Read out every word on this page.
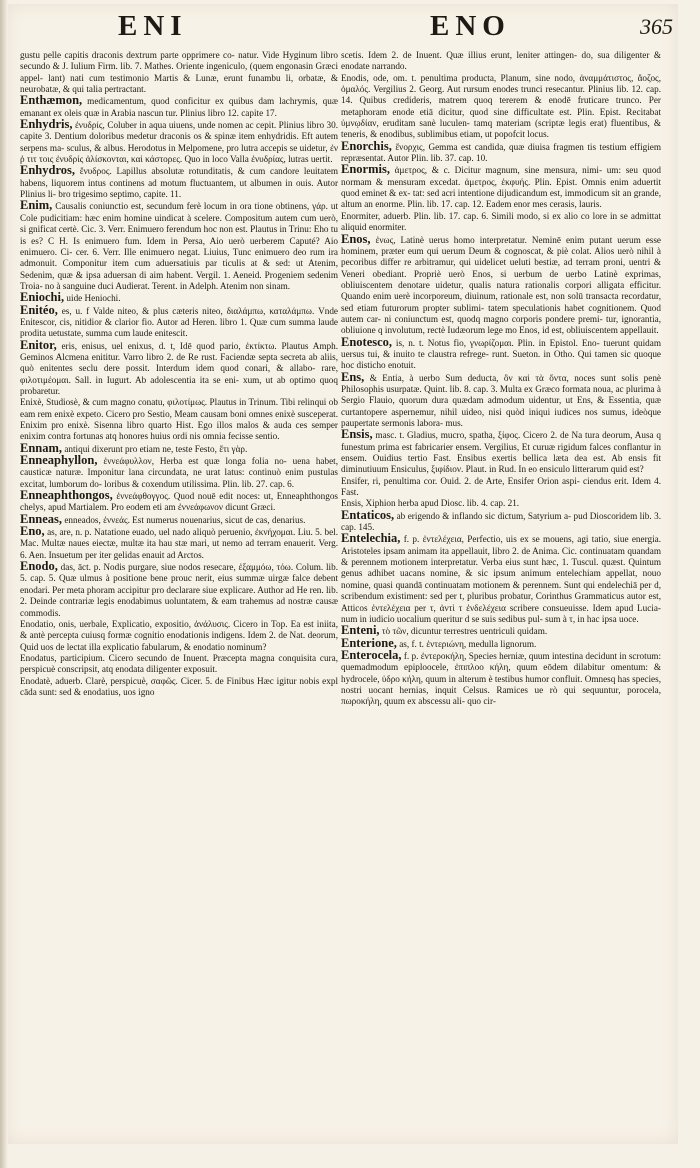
ENI	ENO	365

gustu pelle capitis draconis dextrum parte opprimere co- natur. Vide Hyginum libro secundo & J. Iulium Firm. lib. 7. Mathes. Oriente ingeniculo, (quem engonasin Græci appel- lant) nati cum testimonio Martis & Lunæ, erunt funambu li, orbatæ, & neurobatæ, & qui talia pertractant.

Enthæmon, medicamentum, quod conficitur ex quibus dam lachrymis, quæ emanant ex oleis quæ in Arabia nascun tur. Plinius libro 12. capite 17.

Enhydris, ἐνυδρίς, Coluber in aqua uiuens, unde nomen ac cepit. Plinius libro 30. capite 3. Dentium doloribus medetur draconis os & spinæ item enhydridis. Eft autem serpens ma- sculus, & albus. Herodotus in Melpomene, pro lutra accepis se uidetur, ἐν ῥ τιτ τοις ἐνυδρίς ἀλίσκονται, καὶ κάστορες. Quo in loco Valla ἐνυδρίας, lutras uertit.

Enhydros, ἔνυδρος. Lapillus absolutæ rotunditatis, & cum candore leuitatem habens, liquorem intus continens ad motum fluctuantem, ut albumen in ouis. Autor Plinius li- bro trigesimo septimo, capite. 11.

Enim, Causalis coniunctio est, secundum ferè locum in ora tione obtinens, γάρ. ut Cole pudicitiam: hæc enim homine uindicat à scelere. Compositum autem cum uerò, si gnificat certè. Cic. 3. Verr. Enimuero ferendum hoc non est. Plautus in Trinu: Eho tu is es? C H. Is enimuero fum. Idem in Persa, Aio uerò uerberem Caputé? Aio enimuero. Ci- cer. 6. Verr. Ille enimuero negat. Liuius, Tunc enimuero deo rum ira admonuit. Componitur item cum aduersatiuis par ticulis at & sed: ut Atenim, Sedenim, quæ & ipsa aduersan di aim habent. Vergil. 1. Aeneid. Progeniem sedenim Troia- no à sanguine duci Audierat. Terent. in Adelph. Atenim non sinam.

Eniochi, uide Heniochi.

Enitéo, es, u. f Valde niteo, & plus cæteris niteo, διαλάμπω, καταλάμπω. Vnde Enitescor, cis, nitidior & clarior fio. Autor ad Heren. libro 1. Quæ cum summa laude prodita uetustate, summa cum laude enitescit.

Enitor, eris, enisus, uel enixus, d. t, Idē quod pario, ἐκτίκτω. Plautus Amph. Geminos Alcmena enititur. Varro libro 2. de Re rust. Faciendæ septa secreta ab aliis, quò enitentes seclu dere possit. Interdum idem quod conari, & allabo- rare, φιλοτιμέομαι. Sall. in Iugurt. Ab adolescentia ita se eni- xum, ut ab optimo quoq probaretur.

Enixè, Studiosè, & cum magno conatu, φιλοτίμως. Plautus in Trinum. Tibi relinqui ob eam rem enixè expeto. Cicero pro Sestio, Meam causam boni omnes enixè susceperat. Enixim pro enixè. Sisenna libro quarto Hist. Ego illos malos & auda ces semper enixim contra fortunas atq honores huius ordi nis omnia fecisse sentio.

Ennam, antiqui dixerunt pro etiam ne, teste Festo, ἔτι γὰρ.

Enneaphyllon, ἐννεάφυλλον, Herba est quæ longa folia no- uena habet, causticæ naturæ. Imponitur lana circundata, ne urat latus: continuò enim pustulas excitat, lumborum do- loribus & coxendum utilissima. Plin. lib. 27. cap. 6.

Enneaphthongos, ἐννεάφθογγος. Quod nouē edit noces: ut, Enneaphthongos chelys, apud Martialem. Pro eodem eti am ἐννεάφωνον dicunt Græci.

Enneas, enneados, ἐννεάς. Est numerus nouenarius, sicut de cas, denarius.

Eno, as, are, n. p. Natatione euado, uel nado aliquò peruenio, ἐκνήχομαι. Liu. 5. bel. Mac. Multæ naues eiectæ, multæ ita hau stæ mari, ut nemo ad terram enauerit. Verg. 6. Aen. Insuetum per iter gelidas enauit ad Arctos.

Enodo, das, āct. p. Nodis purgare, siue nodos resecare, ἐξαμμόω, τόω. Colum. lib. 5. cap. 5. Quæ ulmus à positione bene prouc nerit, eius summæ uirgæ falce debent enodari. Per meta phoram accipitur pro declarare siue explicare. Author ad He ren. lib. 2. Deinde contrariæ legis enodabimus uoluntatem, & eam trahemus ad nostræ causæ commodis.

Enodatio, onis, uerbale, Explicatio, expositio, ἀνάλυσις. Cicero in Top. Ea est iniita, & antè percepta cuiusq formæ cognitio enodationis indigens. Idem 2. de Nat. deorum, Quid uos de lectat illa explicatio fabularum, & enodatio nominum?

Enodatus, participium. Cicero secundo de Inuent. Præcepta magna conquisita cura, perspicuè conscripsit, atq enodata diligenter exposuit.

Enodatè, aduerb. Clarè, perspicuè, σαφῶς. Cicer. 5. de Finibus Hæc igitur nobis expl cāda sunt: sed & enodatius, uos igno

scetis. Idem 2. de Inuent. Quæ illius erunt, leniter attingen- do, sua diligenter & enodate narrando.

Enodis, ode, om. t. penultima producta, Planum, sine nodo, ἀναμμάτιστος, ἄοζος, ὁμαλός. Vergilius 2. Georg. Aut rursum enodes trunci resecantur. Plinius lib. 12. cap. 14. Quibus credideris, matrem quoq tererem & enodē fruticare trunco. Per metaphoram enode etiā dicitur, quod sine difficultate est. Plin. Epist. Recitabat ὑμνῳδίαν, eruditam sanè luculen- tamq materiam (scriptæ legis erat) fluentibus, & teneris, & enodibus, sublimibus etiam, ut popofcit locus.

Enorchis, ἔνορχις, Gemma est candida, quæ diuisa fragmen tis testium effigiem repræsentat. Autor Plin. lib. 37. cap. 10.

Enormis, ἀμετρος, & c. Dicitur magnum, sine mensura, nimi- um: seu quod normam & mensuram excedat. ἀμετρος, ἐκφυής. Plin. Epist. Omnis enim aduertit quod eminet & ex- tat: sed acri intentione dijudicandum est, immodicum sit an grande, altum an enorme. Plin. lib. 17. cap. 12. Eadem enor mes cerasis, lauris.

Enormiter, aduerb. Plin. lib. 17. cap. 6. Simili modo, si ex alio co lore in se admittat aliquid enormiter.

Enos, ἐνως, Latinè uerus homo interpretatur. Neminē enim putant uerum esse hominem, præter eum qui uerum Deum & cognoscat, & piè colat. Alios uerò nihil à pecoribus differ re arbitramur, qui uidelicet ueluti bestiæ, ad terram proni, uentri & Veneri obediant. Propriè uerò Enos, si uerbum de uerbo Latinè exprimas, obliuiscentem denotare uidetur, qualis natura rationalis corpori alligata efficitur. Quando enim uerè incorporeum, diuinum, rationale est, non solū transacta recordatur, sed etiam futurorum propter sublimi- tatem speculationis habet cognitionem. Quod autem car- ni coniunctum est, quodq magno corporis pondere premi- tur, ignorantia, obliuione q involutum, rectè Iudæorum lege mo Enos, id est, obliuiscentem appellauit.

Enotesco, is, n. t. Notus fio, γνωρίζομαι. Plin. in Epistol. Eno- tuerunt quidam uersus tui, & inuito te claustra refrege- runt. Sueton. in Otho. Qui tamen sic quoque hoc disticho enotuit.

Ens, & Entia, à uerbo Sum deducta, ὂν καὶ τὰ ὄντα, noces sunt solis penè Philosophis usurpatæ. Quint. lib. 8. cap. 3. Multa ex Græco formata noua, ac plurima à Sergio Flauio, quorum dura quædam admodum uidentur, ut Ens, & Essentia, quæ curtantopere aspernemur, nihil uideo, nisi quòd iniqui iudices nos sumus, ideòque paupertate sermonis labora- mus.

Ensis, masc. t. Gladius, mucro, spatha, ξίφος. Cicero 2. de Na tura deorum, Ausa q funestum prima est fabricarier ensem. Vergilius, Et curuæ rigidum falces conflantur in ensem. Ouidius tertio Fast. Ensibus exertis bellica læta dea est. Ab ensis fit diminutiuum Ensiculus, ξιφίδιον. Plaut. in Rud. In eo ensiculo litterarum quid est?

Ensifer, ri, penultima cor. Ouid. 2. de Arte, Ensifer Orion aspi- ciendus erit. Idem 4. Fast.

Ensis, Xiphion herba apud Diosc. lib. 4. cap. 21.

Entaticos, ab erigendo & inflando sic dictum, Satyrium a- pud Dioscoridem lib. 3. cap. 145.

Entelechia, f. p. ἐντελέχεια, Perfectio, uis ex se mouens, agi tatio, siue energia. Aristoteles ipsam animam ita appellauit, libro 2. de Anima. Cic. continuatam quandam & perennem motionem interpretatur. Verba eius sunt hæc, 1. Tuscul. quæst. Quintum genus adhibet uacans nomine, & sic ipsum animum entelechiam appellat, nouo nomine, quasi quandā continuatam motionem & perennem. Sunt qui endelechiā per d, scribendum existiment: sed per t, pluribus probatur, Corinthus Grammaticus autor est, Atticos ἐντελέχεια per τ, ἀντὶ τ ἐνδελέχεια scribere consueuisse. Idem apud Lucia- num in iudicio uocalium queritur d se suis sedibus pul- sum à τ, in hac ipsa uoce.

Enteni, τὸ τῶν, dicuntur terrestres uentriculi quidam.

Enterione, as, f. t. ἐντεριώνη, medulla lignorum.

Enterocela, f. p. ἐντεροκήλη, Species herniæ, quum intestina decidunt in scrotum: quemadmodum epiploocele, ἐπιπλοο κήλη, quum eōdem dilabitur omentum: & hydrocele, ὑδρο κήλη, quum in alterum è testibus humor confluit. Omnesq has species, nostri uocant hernias, inquit Celsus. Ramices ue rò qui sequuntur, porocela, πωροκήλη, quum ex abscessu ali- quo cir-
